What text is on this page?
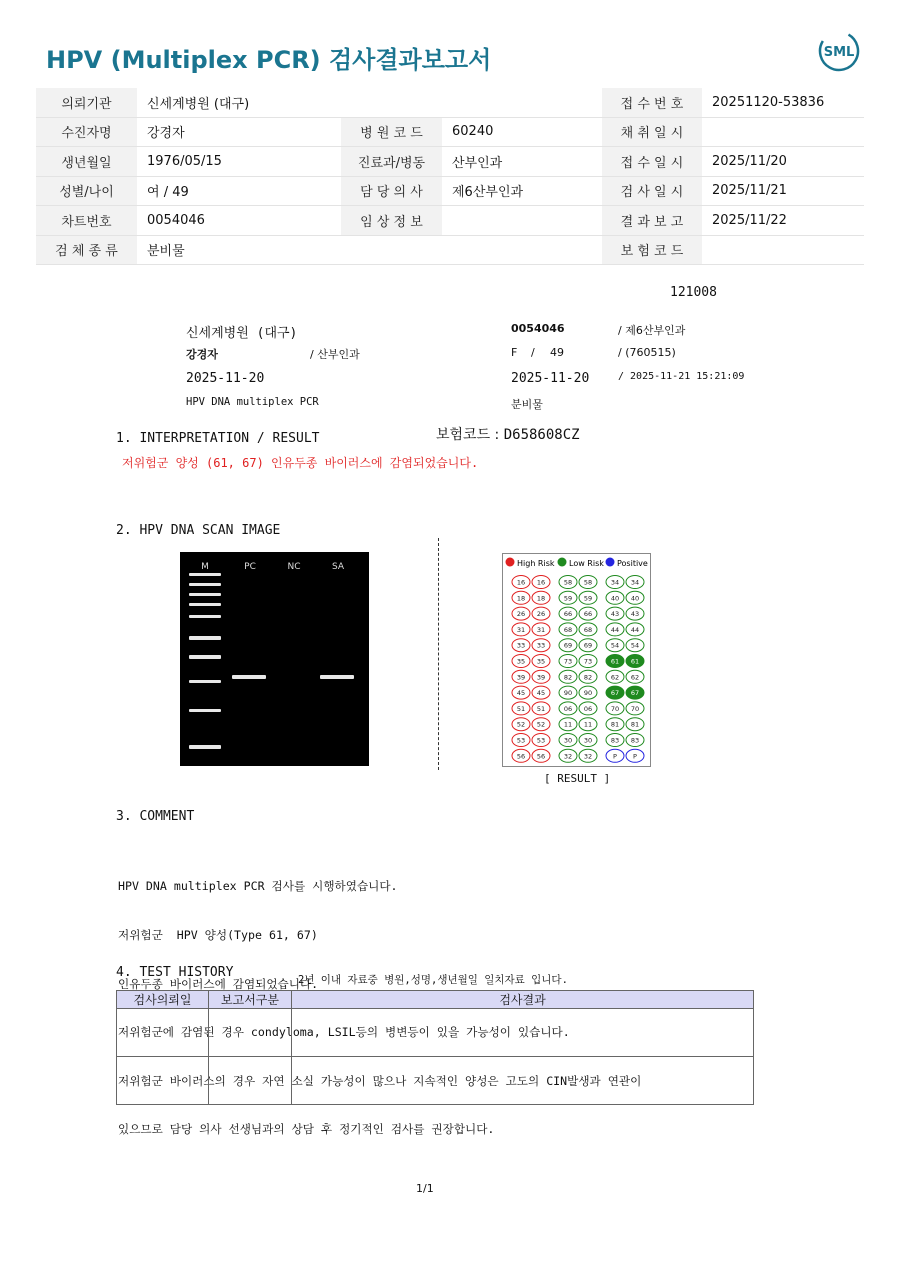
HPV (Multiplex PCR) 검사결과보고서	SML
의뢰기관	신세계병원 (대구)			접 수 번 호	20251120-53836
수진자명	강경자	병 원 코 드	60240	채 취 일 시	
생년월일	1976/05/15	진료과/병동	산부인과	접 수 일 시	2025/11/20
성별/나이	여 / 49	담 당 의 사	제6산부인과	검 사 일 시	2025/11/21
차트번호	0054046	임 상 정 보		결 과 보 고	2025/11/22
검 체 종 류	분비물			보 험 코 드	
121008
신세계병원 (대구)	0054046	/ 제6산부인과
강경자	/ 산부인과	F / 49	/ (760515)
2025-11-20	2025-11-20	/ 2025-11-21 15:21:09
HPV DNA multiplex PCR	분비물
보험코드 : D658608CZ
1. INTERPRETATION / RESULT
저위험군 양성 (61, 67) 인유두종 바이러스에 감염되었습니다.
2. HPV DNA SCAN IMAGE
M	PC	NC	SA	High Risk Low Risk Positive
16 16	58 58	34 34
18 18	59 59	40 40
26 26	66 66	43 43
31 31	68 68	44 44
33 33	69 69	54 54
35 35	73 73	61 61
39 39	82 82	62 62
45 45	90 90	67 67
51 51	06 06	70 70
52 52	11 11	81 81
53 53	30 30	83 83
56 56	32 32	P P
[ RESULT ]
3. COMMENT

HPV DNA multiplex PCR 검사를 시행하였습니다.

저위험군  HPV 양성(Type 61, 67)

인유두종 바이러스에 감염되었습니다.

저위험군에 감염된 경우 condyloma, LSIL등의 병변등이 있을 가능성이 있습니다.

저위험군 바이러스의 경우 자연 소실 가능성이 많으나 지속적인 양성은 고도의 CIN발생과 연관이

있으므로 담당 의사 선생님과의 상담 후 정기적인 검사를 권장합니다.

4. TEST HISTORY	2년 이내 자료중 병원,성명,생년월일 일치자료 입니다.
검사의뢰일	보고서구분	검사결과

1/1
